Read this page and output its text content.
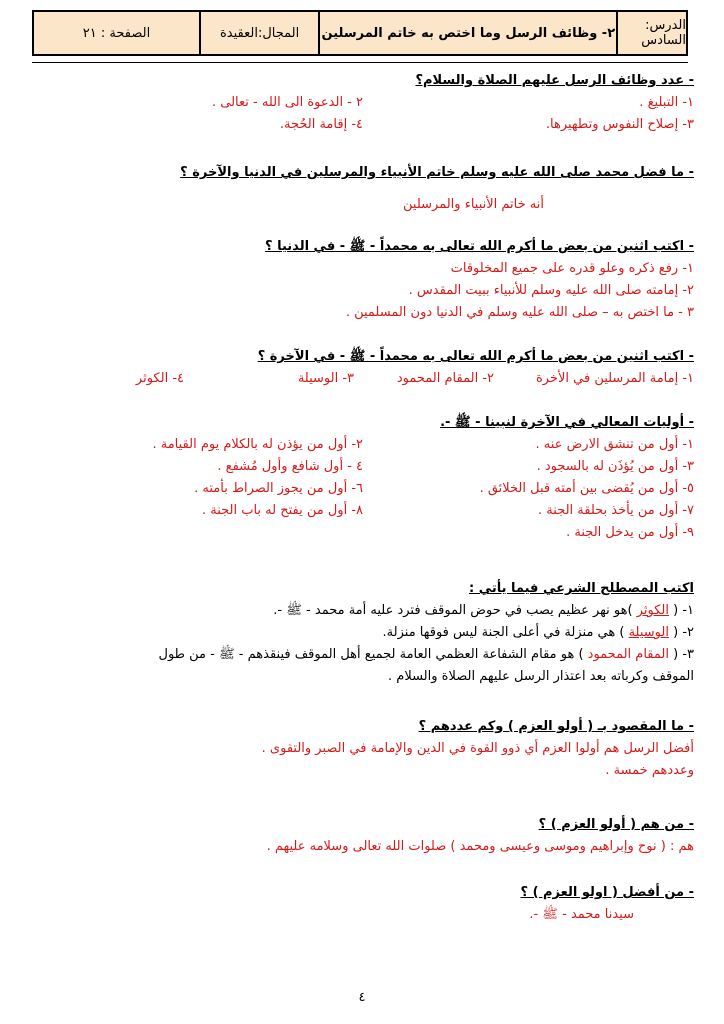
الدرس: السادس
٢- وظائف الرسل وما اختص به خاتم المرسلين
المجال:العقيدة
الصفحة : ٢١
- عدد وظائف الرسل عليهم الصلاة والسلام؟
١- التبليغ .
٢ - الدعوة الى الله - تعالى .
٣- إصلاح النفوس وتطهيرها.
٤- إقامة الحُجة.
- ما فضل محمد صلى الله عليه وسلم خاتم الأنبياء والمرسلين في الدنيا والآخرة ؟
أنه خاتم الأنبياء والمرسلين
- اكتب اثنين من بعض ما أكرم الله تعالى به محمداً - ﷺ - في الدنيا ؟
١- رفع ذكره وعلو قدره على جميع المخلوقات
٢- إمامته صلى الله عليه وسلم للأنبياء ببيت المقدس .
٣ - ما اختص به – صلى الله عليه وسلم في الدنيا دون المسلمين .
- اكتب اثنين من بعض ما أكرم الله تعالى به محمداً - ﷺ - في الآخرة ؟
١- إمامة المرسلين في الأخرة
٢- المقام المحمود
٣- الوسيلة
٤- الكوثر
- أوليات المعالي في الآخرة لنبينا - ﷺ -.
١- أول من تنشق الارض عنه .
٢- أول من يؤذن له بالكلام يوم القيامة .
٣- أول من يُؤذَن له بالسجود .
٤ - أول شافع وأول مُشفع .
٥- أول من يُقضى بين أمته قبل الخلائق .
٦- أول من يجوز الصراط بأمته .
٧- أول من يأخذ بحلقة الجنة .
٨- أول من يفتح له باب الجنة .
٩- أول من يدخل الجنة .
اكتب المصطلح الشرعي فيما يأتي :
١- ( الكوثر )هو نهر عظيم يصب في حوض الموقف فترد عليه أمة محمد - ﷺ -.
٢- ( الوسيلة ) هي منزلة في أعلى الجنة ليس فوقها منزلة.
٣- ( المقام المحمود ) هو مقام الشفاعة العظمي العامة لجميع أهل الموقف فينقذهم - ﷺ - من طول
الموقف وكرباته بعد اعتذار الرسل عليهم الصلاة والسلام .
- ما المقصود بـ ( أولو العزم ) وكم عددهم ؟
أفضل الرسل هم أولوا العزم أي ذوو القوة في الدين والإمامة في الصبر والتقوى .
وعددهم خمسة .
- من هم ( أولو العزم ) ؟
هم : ( نوح وإبراهيم وموسى وعيسى ومحمد ) صلوات الله تعالى وسلامه عليهم .
- من أفضل ( اولو العزم ) ؟
سيدنا محمد - ﷺ -.
٤
